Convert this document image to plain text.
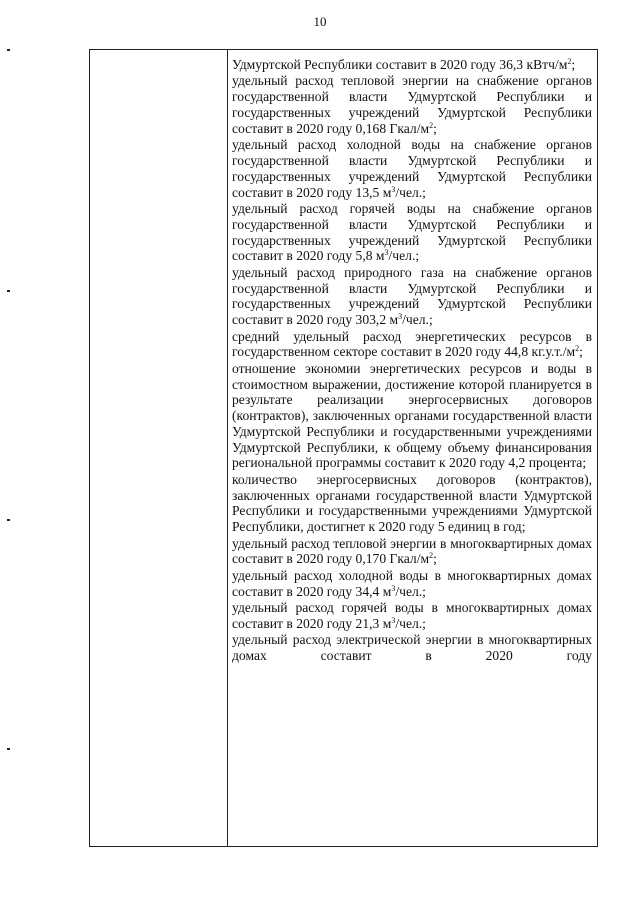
10

Удмуртской Республики составит в 2020 году 36,3 кВтч/$м^2$;

удельный расход тепловой энергии на снабжение органов государственной власти Удмуртской Республики и государственных учреждений Удмуртской Республики составит в 2020 году 0,168 Гкал/$м^2$;

удельный расход холодной воды на снабжение органов государственной власти Удмуртской Республики и государственных учреждений Удмуртской Республики составит в 2020 году 13,5 $м^3$/чел.;

удельный расход горячей воды на снабжение органов государственной власти Удмуртской Республики и государственных учреждений Удмуртской Республики составит в 2020 году 5,8 $м^3$/чел.;

удельный расход природного газа на снабжение органов государственной власти Удмуртской Республики и государственных учреждений Удмуртской Республики составит в 2020 году 303,2 $м^3$/чел.;

средний удельный расход энергетических ресурсов в государственном секторе составит в 2020 году 44,8 $кг.у.т./м^2$;

отношение экономии энергетических ресурсов и воды в стоимостном выражении, достижение которой планируется в результате реализации энергосервисных договоров (контрактов), заключенных органами государственной власти Удмуртской Республики и государственными учреждениями Удмуртской Республики, к общему объему финансирования региональной программы составит к 2020 году 4,2 процента;

количество энергосервисных договоров (контрактов), заключенных органами государственной власти Удмуртской Республики и государственными учреждениями Удмуртской Республики, достигнет к 2020 году 5 единиц в год;

удельный расход тепловой энергии в многоквартирных домах составит в 2020 году 0,170 Гкал/$м^2$;

удельный расход холодной воды в многоквартирных домах составит в 2020 году 34,4 $м^3$/чел.;

удельный расход горячей воды в многоквартирных домах составит в 2020 году 21,3 $м^3$/чел.;

удельный расход электрической энергии в многоквартирных домах составит в 2020 году
